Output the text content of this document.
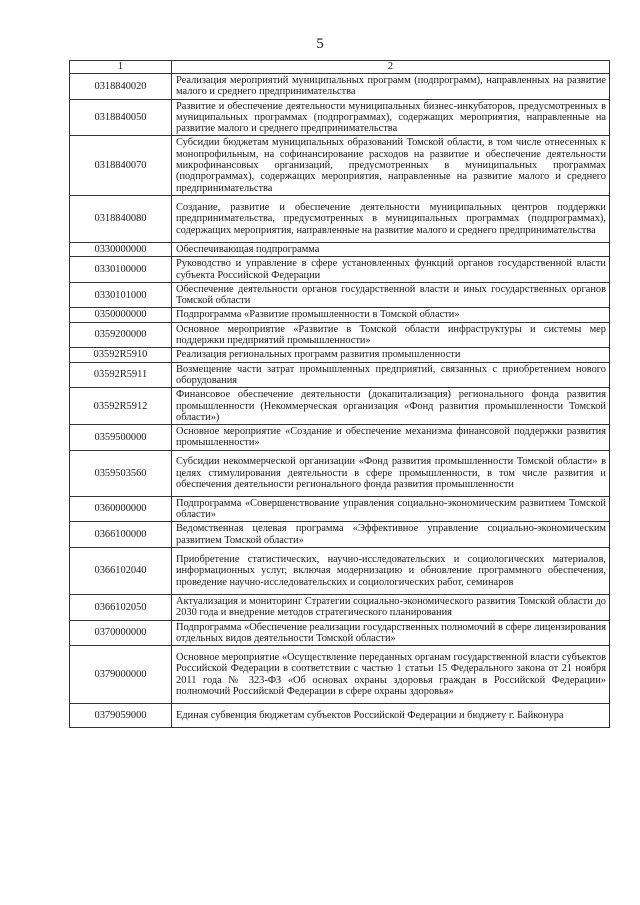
5
1	2
0318840020	Реализация мероприятий муниципальных программ (подпрограмм), направленных на развитие малого и среднего предпринимательства
0318840050	Развитие и обеспечение деятельности муниципальных бизнес-инкубаторов, предусмотренных в муниципальных программах (подпрограммах), содержащих мероприятия, направленные на развитие малого и среднего предпринимательства
0318840070	Субсидии бюджетам муниципальных образований Томской области, в том числе отнесенных к монопрофильным, на софинансирование расходов на развитие и обеспечение деятельности микрофинансовых организаций, предусмотренных в муниципальных программах (подпрограммах), содержащих мероприятия, направленные на развитие малого и среднего предпринимательства
0318840080	Создание, развитие и обеспечение деятельности муниципальных центров поддержки предпринимательства, предусмотренных в муниципальных программах (подпрограммах), содержащих мероприятия, направленные на развитие малого и среднего предпринимательства
0330000000	Обеспечивающая подпрограмма
0330100000	Руководство и управление в сфере установленных функций органов государственной власти субъекта Российской Федерации
0330101000	Обеспечение деятельности органов государственной власти и иных государственных органов Томской области
0350000000	Подпрограмма «Развитие промышленности в Томской области»
0359200000	Основное мероприятие «Развитие в Томской области инфраструктуры и системы мер поддержки предприятий промышленности»
03592R5910	Реализация региональных программ развития промышленности
03592R5911	Возмещение части затрат промышленных предприятий, связанных с приобретением нового оборудования
03592R5912	Финансовое обеспечение деятельности (докапитализация) регионального фонда развития промышленности (Некоммерческая организация «Фонд развития промышленности Томской области»)
0359500000	Основное мероприятие «Создание и обеспечение механизма финансовой поддержки развития промышленности»
0359503560	Субсидии некоммерческой организации «Фонд развития промышленности Томской области» в целях стимулирования деятельности в сфере промышленности, в том числе развития и обеспечения деятельности регионального фонда развития промышленности
0360000000	Подпрограмма «Совершенствование управления социально-экономическим развитием Томской области»
0366100000	Ведомственная целевая программа «Эффективное управление социально-экономическим развитием Томской области»
0366102040	Приобретение статистических, научно-исследовательских и социологических материалов, информационных услуг, включая модернизацию и обновление программного обеспечения, проведение научно-исследовательских и социологических работ, семинаров
0366102050	Актуализация и мониторинг Стратегии социально-экономического развития Томской области до 2030 года и внедрение методов стратегического планирования
0370000000	Подпрограмма «Обеспечение реализации государственных полномочий в сфере лицензирования отдельных видов деятельности Томской области»
0379000000	Основное мероприятие «Осуществление переданных органам государственной власти субъектов Российской Федерации в соответствии с частью 1 статьи 15 Федерального закона от 21 ноября 2011 года № 323-ФЗ «Об основах охраны здоровья граждан в Российской Федерации» полномочий Российской Федерации в сфере охраны здоровья»
0379059000	Единая субвенция бюджетам субъектов Российской Федерации и бюджету г. Байконура
